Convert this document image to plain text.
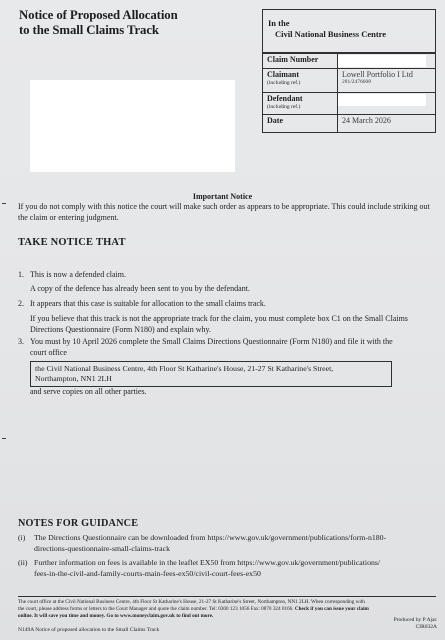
Notice of Proposed Allocation
to the Small Claims Track	In the
Civil National Business Centre
Claim Number	
Claimant
(including ref.)	Lowell Portfolio I Ltd
281/2476608

Defendant
(including ref.)	

Date	24 March 2026
Important Notice
If you do not comply with this notice the court will make such order as appears to be appropriate. This could include striking out the claim or entering judgment.
TAKE NOTICE THAT
1. This is now a defended claim.
A copy of the defence has already been sent to you by the defendant.
2. It appears that this case is suitable for allocation to the small claims track.
If you believe that this track is not the appropriate track for the claim, you must complete box C1 on the Small Claims
Directions Questionnaire (Form N180) and explain why.
3. You must by 10 April 2026 complete the Small Claims Directions Questionnaire (Form N180) and file it with the
court office
the Civil National Business Centre, 4th Floor St Katharine's House, 21-27 St Katharine's Street,
Northampton, NN1 2LH
and serve copies on all other parties.
NOTES FOR GUIDANCE
(i) The Directions Questionnaire can be downloaded from https://www.gov.uk/government/publications/form-n180-
directions-questionnaire-small-claims-track
(ii) Further information on fees is available in the leaflet EX50 from https://www.gov.uk/government/publications/
fees-in-the-civil-and-family-courts-main-fees-ex50/civil-court-fees-ex50
The court office at the Civil National Business Centre, 4th Floor St Katharine's House, 21-27 St Katharine's Street, Northampton, NN1 2LH. When corresponding with
the court, please address forms or letters to the Court Manager and quote the claim number. Tel: 0300 123 1056 Fax: 0870 324 0166. Check if you can issue your claim
online. It will save you time and money. Go to www.moneyclaim.gov.uk to find out more.
Produced by P Ajac
CIR032A
N149A Notice of proposed allocation to the Small Claims Track
